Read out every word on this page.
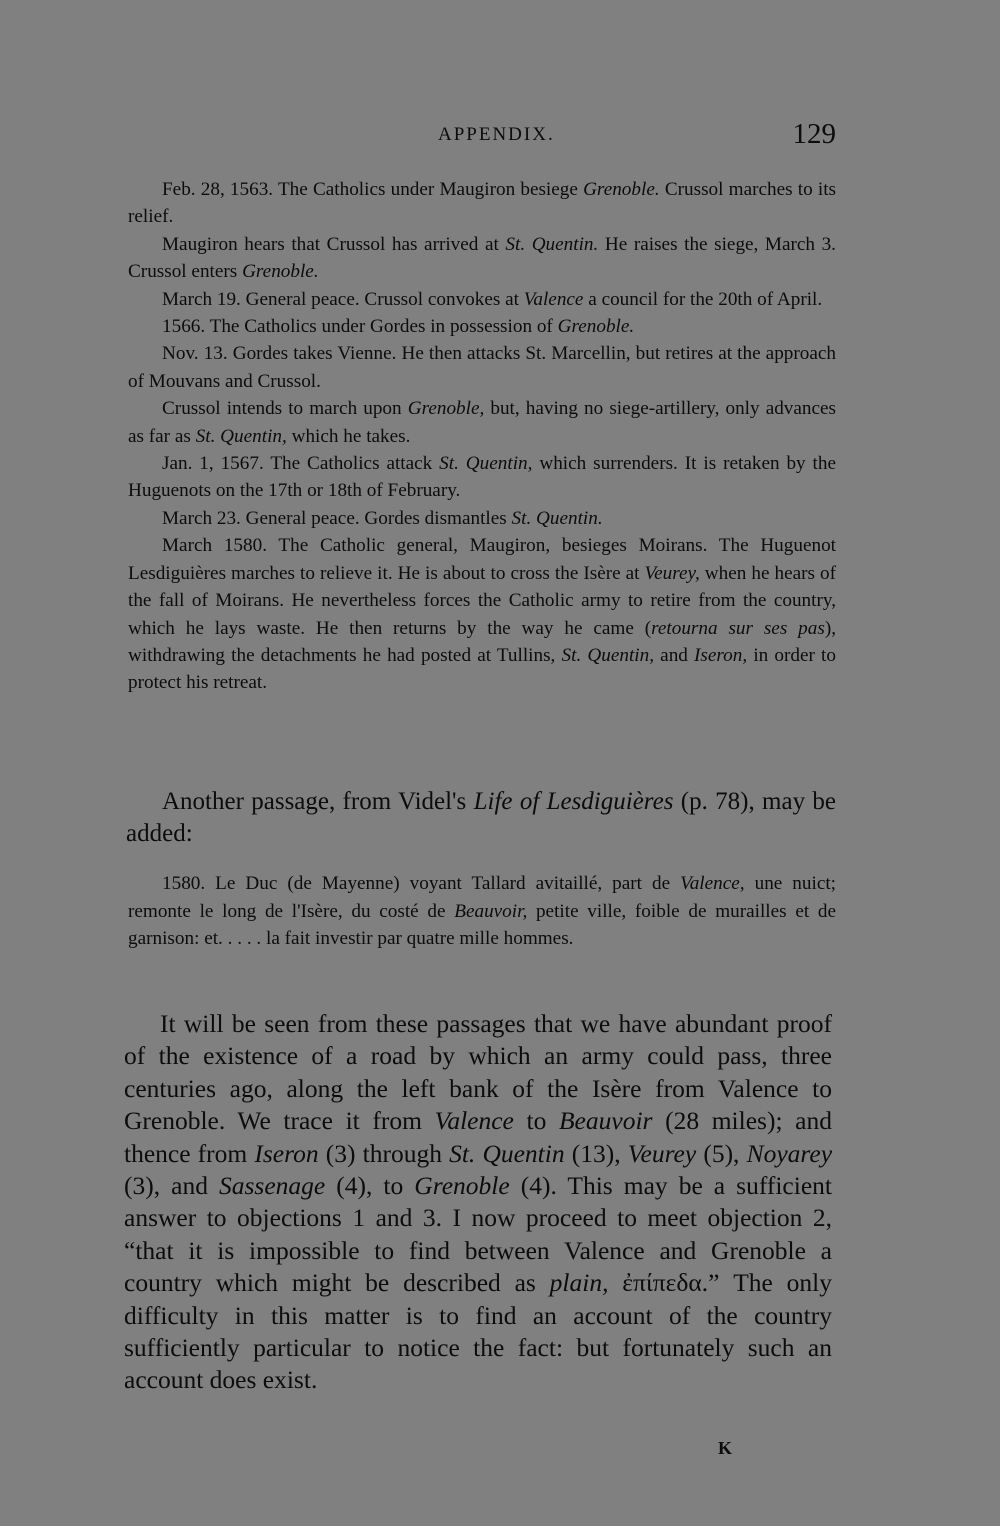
APPENDIX.	129

Feb. 28, 1563. The Catholics under Maugiron besiege Grenoble. Crussol marches to its relief.

Maugiron hears that Crussol has arrived at St. Quentin. He raises the siege, March 3. Crussol enters Grenoble.

March 19. General peace. Crussol convokes at Valence a council for the 20th of April.

1566. The Catholics under Gordes in possession of Grenoble.

Nov. 13. Gordes takes Vienne. He then attacks St. Marcellin, but retires at the approach of Mouvans and Crussol.

Crussol intends to march upon Grenoble, but, having no siege-artillery, only advances as far as St. Quentin, which he takes.

Jan. 1, 1567. The Catholics attack St. Quentin, which surrenders. It is retaken by the Huguenots on the 17th or 18th of February.

March 23. General peace. Gordes dismantles St. Quentin.

March 1580. The Catholic general, Maugiron, besieges Moirans. The Huguenot Lesdiguières marches to relieve it. He is about to cross the Isère at Veurey, when he hears of the fall of Moirans. He nevertheless forces the Catholic army to retire from the country, which he lays waste. He then returns by the way he came (retourna sur ses pas), withdrawing the detachments he had posted at Tullins, St. Quentin, and Iseron, in order to protect his retreat.

Another passage, from Videl's Life of Lesdiguières (p. 78), may be added:

1580. Le Duc (de Mayenne) voyant Tallard avitaillé, part de Valence, une nuict; remonte le long de l'Isère, du costé de Beauvoir, petite ville, foible de murailles et de garnison: et. . . . . la fait investir par quatre mille hommes.

It will be seen from these passages that we have abundant proof of the existence of a road by which an army could pass, three centuries ago, along the left bank of the Isère from Valence to Grenoble. We trace it from Valence to Beauvoir (28 miles); and thence from Iseron (3) through St. Quentin (13), Veurey (5), Noyarey (3), and Sassenage (4), to Grenoble (4). This may be a sufficient answer to objections 1 and 3. I now proceed to meet objection 2, “that it is impossible to find between Valence and Grenoble a country which might be described as plain, ἐπίπεδα.” The only difficulty in this matter is to find an account of the country sufficiently particular to notice the fact: but fortunately such an account does exist.

K
